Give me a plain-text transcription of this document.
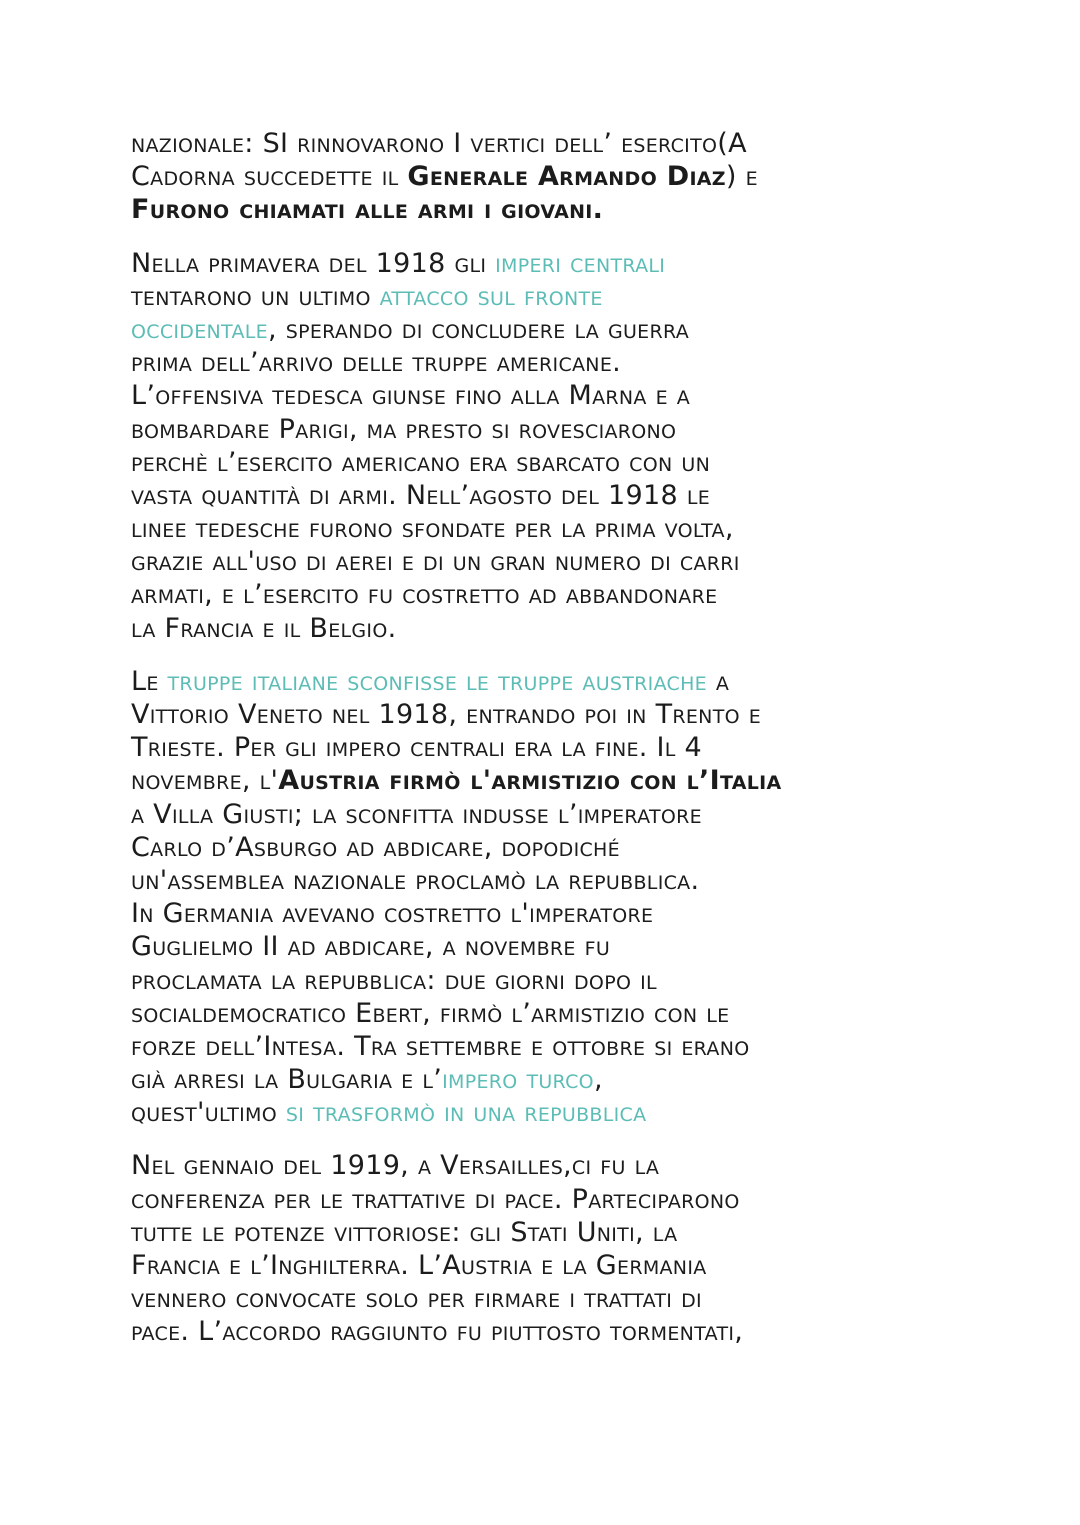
nazionale: SI rinnovarono I vertici dell’ esercito(A
Cadorna succedette il Generale Armando Diaz) e
Furono chiamati alle armi i giovani.
Nella primavera del 1918 gli imperi centrali
tentarono un ultimo attacco sul fronte
occidentale, sperando di concludere la guerra
prima dell’arrivo delle truppe americane.
L’offensiva tedesca giunse fino alla Marna e a
bombardare Parigi, ma presto si rovesciarono
perchè l’esercito americano era sbarcato con un
vasta quantità di armi. Nell’agosto del 1918 le
linee tedesche furono sfondate per la prima volta,
grazie all'uso di aerei e di un gran numero di carri
armati, e l’esercito fu costretto ad abbandonare
la Francia e il Belgio.
Le truppe italiane sconfisse le truppe austriache a
Vittorio Veneto nel 1918, entrando poi in Trento e
Trieste. Per gli impero centrali era la fine. Il 4
novembre, l'Austria firmò l'armistizio con l’Italia
a Villa Giusti; la sconfitta indusse l’imperatore
Carlo d’Asburgo ad abdicare, dopodiché
un'assemblea nazionale proclamò la repubblica.
In Germania avevano costretto l'imperatore
Guglielmo II ad abdicare, a novembre fu
proclamata la repubblica: due giorni dopo il
socialdemocratico Ebert, firmò l’armistizio con le
forze dell’Intesa. Tra settembre e ottobre si erano
già arresi la Bulgaria e l’impero turco,
quest'ultimo si trasformò in una repubblica
Nel gennaio del 1919, a Versailles,ci fu la
conferenza per le trattative di pace. Parteciparono
tutte le potenze vittoriose: gli Stati Uniti, la
Francia e l’Inghilterra. L’Austria e la Germania
vennero convocate solo per firmare i trattati di
pace. L’accordo raggiunto fu piuttosto tormentati,
